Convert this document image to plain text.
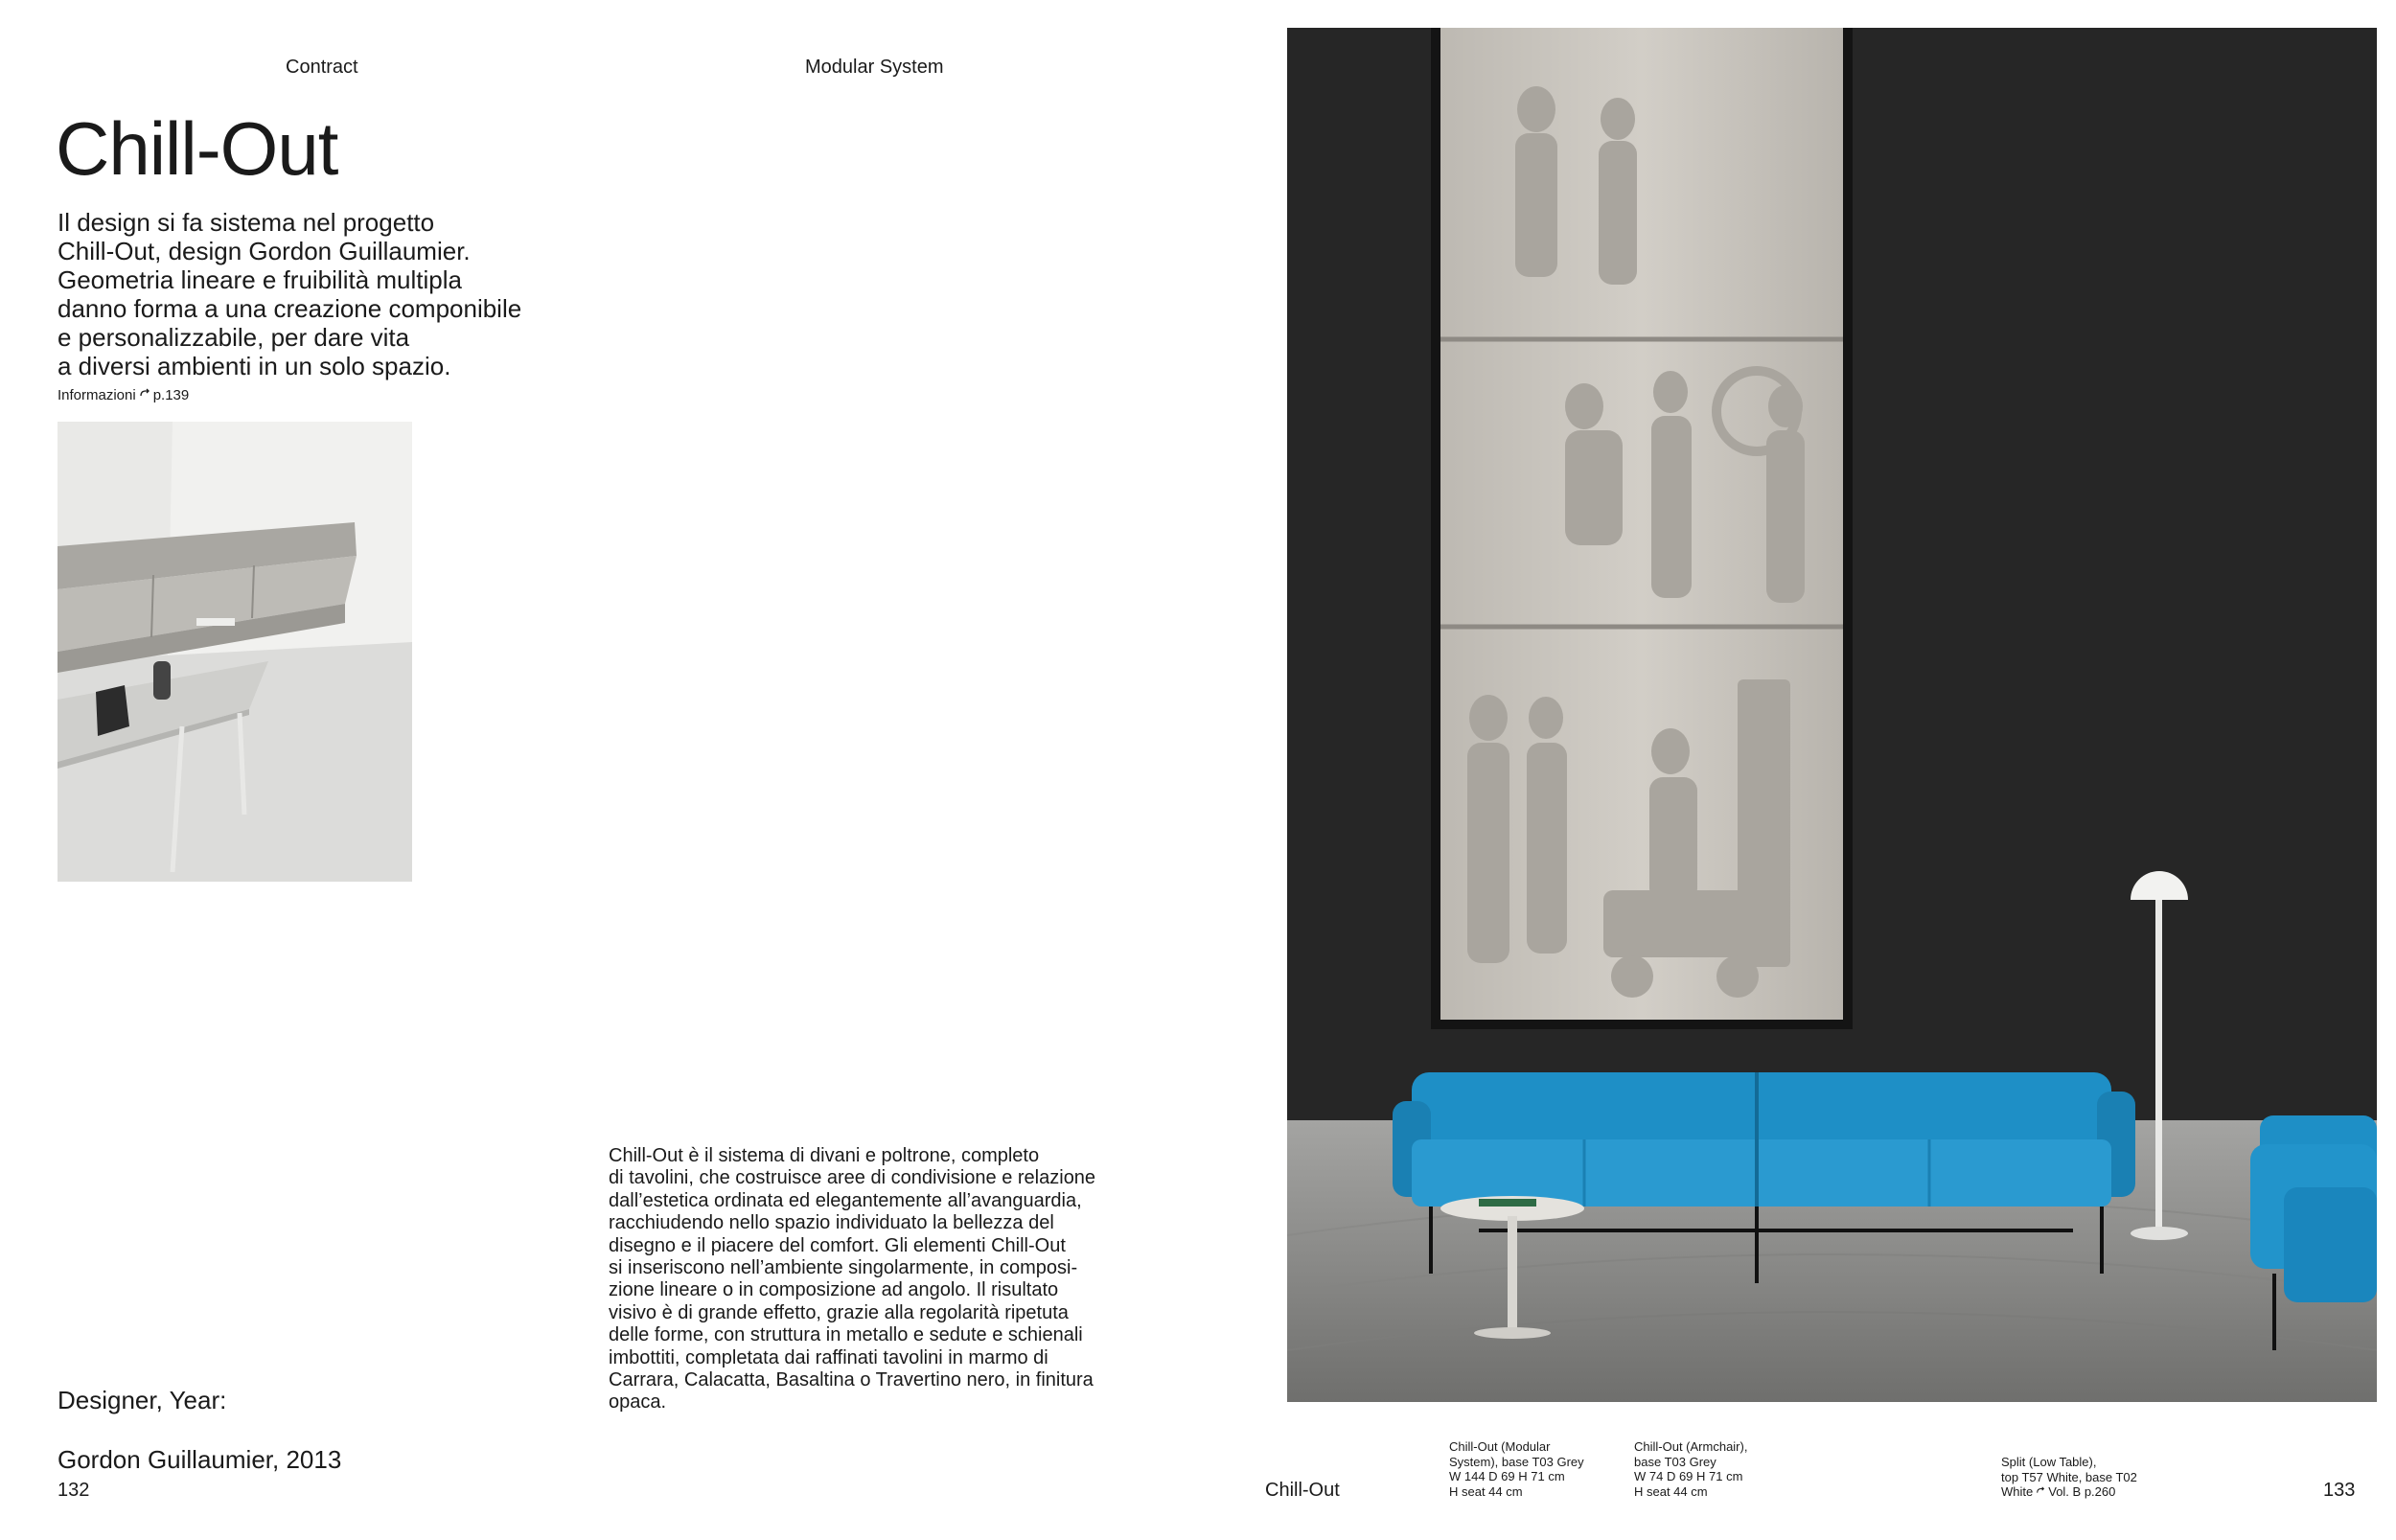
Contract	Modular System
Chill-Out
Il design si fa sistema nel progetto
Chill-Out, design Gordon Guillaumier.
Geometria lineare e fruibilità multipla
danno forma a una creazione componibile
e personalizzabile, per dare vita
a diversi ambienti in un solo spazio.
Informazioni p.139
Chill-Out è il sistema di divani e poltrone, completo
di tavolini, che costruisce aree di condivisione e relazione
dall’estetica ordinata ed elegantemente all’avanguardia,
racchiudendo nello spazio individuato la bellezza del
disegno e il piacere del comfort. Gli elementi Chill-Out
si inseriscono nell’ambiente singolarmente, in composi-
zione lineare o in composizione ad angolo. Il risultato
visivo è di grande effetto, grazie alla regolarità ripetuta
delle forme, con struttura in metallo e sedute e schienali
imbottiti, completata dai raffinati tavolini in marmo di
Carrara, Calacatta, Basaltina o Travertino nero, in finitura
opaca.

Designer, Year:

Gordon Guillaumier, 2013

132	Chill-Out
Chill-Out (Modular
System), base T03 Grey
W 144 D 69 H 71 cm
H seat 44 cm
Chill-Out (Armchair),
base T03 Grey
W 74 D 69 H 71 cm
H seat 44 cm
Split (Low Table),
top T57 White, base T02
White Vol. B p.260	133
